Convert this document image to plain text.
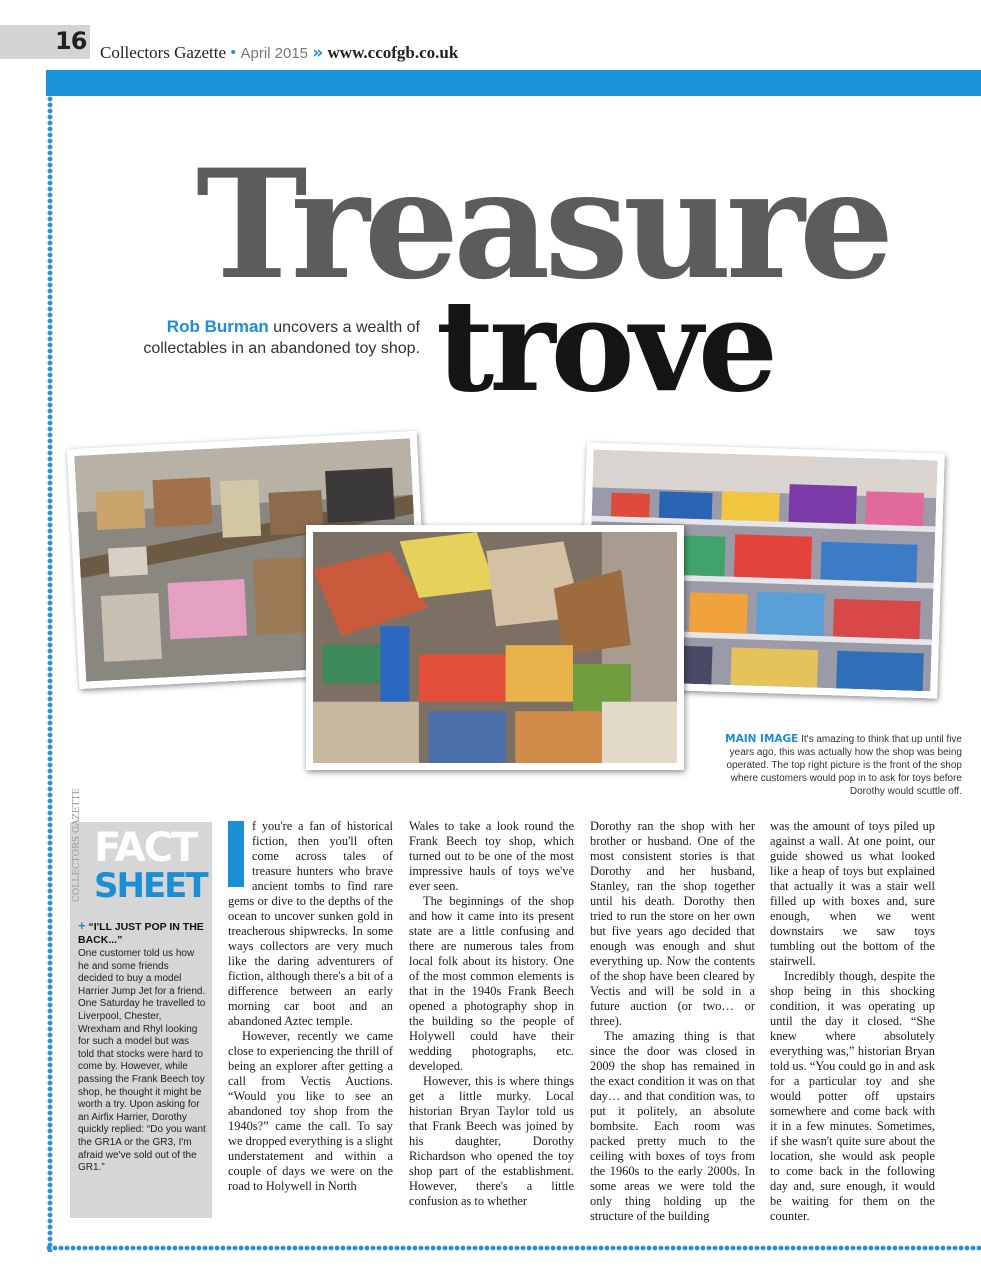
16 Collectors Gazette • April 2015 » www.ccofgb.co.uk
Treasure
trove
Rob Burman uncovers a wealth of collectables in an abandoned toy shop.
MAIN IMAGE It's amazing to think that up until five years ago, this was actually how the shop was being operated. The top right picture is the front of the shop where customers would pop in to ask for toys before Dorothy would scuttle off.
COLLECTORS GAZETTE FACT
SHEET
+ “I'LL JUST POP IN THE BACK...”
One customer told us how he and some friends decided to buy a model Harrier Jump Jet for a friend. One Saturday he travelled to Liverpool, Chester, Wrexham and Rhyl looking for such a model but was told that stocks were hard to come by. However, while passing the Frank Beech toy shop, he thought it might be worth a try. Upon asking for an Airfix Harrier, Dorothy quickly replied: “Do you want the GR1A or the GR3, I'm afraid we've sold out of the GR1.”

f you're a fan of historical fiction, then you'll often come across tales of treasure hunters who brave ancient tombs to find rare gems or dive to the depths of the ocean to uncover sunken gold in treacherous shipwrecks. In some ways collectors are very much like the daring adventurers of fiction, although there's a bit of a difference between an early morning car boot and an abandoned Aztec temple.

However, recently we came close to experiencing the thrill of being an explorer after getting a call from Vectis Auctions. “Would you like to see an abandoned toy shop from the 1940s?” came the call. To say we dropped everything is a slight understatement and within a couple of days we were on the road to Holywell in North

Wales to take a look round the Frank Beech toy shop, which turned out to be one of the most impressive hauls of toys we've ever seen.

The beginnings of the shop and how it came into its present state are a little confusing and there are numerous tales from local folk about its history. One of the most common elements is that in the 1940s Frank Beech opened a photography shop in the building so the people of Holywell could have their wedding photographs, etc. developed.

However, this is where things get a little murky. Local historian Bryan Taylor told us that Frank Beech was joined by his daughter, Dorothy Richardson who opened the toy shop part of the establishment. However, there's a little confusion as to whether

Dorothy ran the shop with her brother or husband. One of the most consistent stories is that Dorothy and her husband, Stanley, ran the shop together until his death. Dorothy then tried to run the store on her own but five years ago decided that enough was enough and shut everything up. Now the contents of the shop have been cleared by Vectis and will be sold in a future auction (or two… or three).

The amazing thing is that since the door was closed in 2009 the shop has remained in the exact condition it was on that day… and that condition was, to put it politely, an absolute bombsite. Each room was packed pretty much to the ceiling with boxes of toys from the 1960s to the early 2000s. In some areas we were told the only thing holding up the structure of the building

was the amount of toys piled up against a wall. At one point, our guide showed us what looked like a heap of toys but explained that actually it was a stair well filled up with boxes and, sure enough, when we went downstairs we saw toys tumbling out the bottom of the stairwell.

Incredibly though, despite the shop being in this shocking condition, it was operating up until the day it closed. “She knew where absolutely everything was,” historian Bryan told us. “You could go in and ask for a particular toy and she would potter off upstairs somewhere and come back with it in a few minutes. Sometimes, if she wasn't quite sure about the location, she would ask people to come back in the following day and, sure enough, it would be waiting for them on the counter.
